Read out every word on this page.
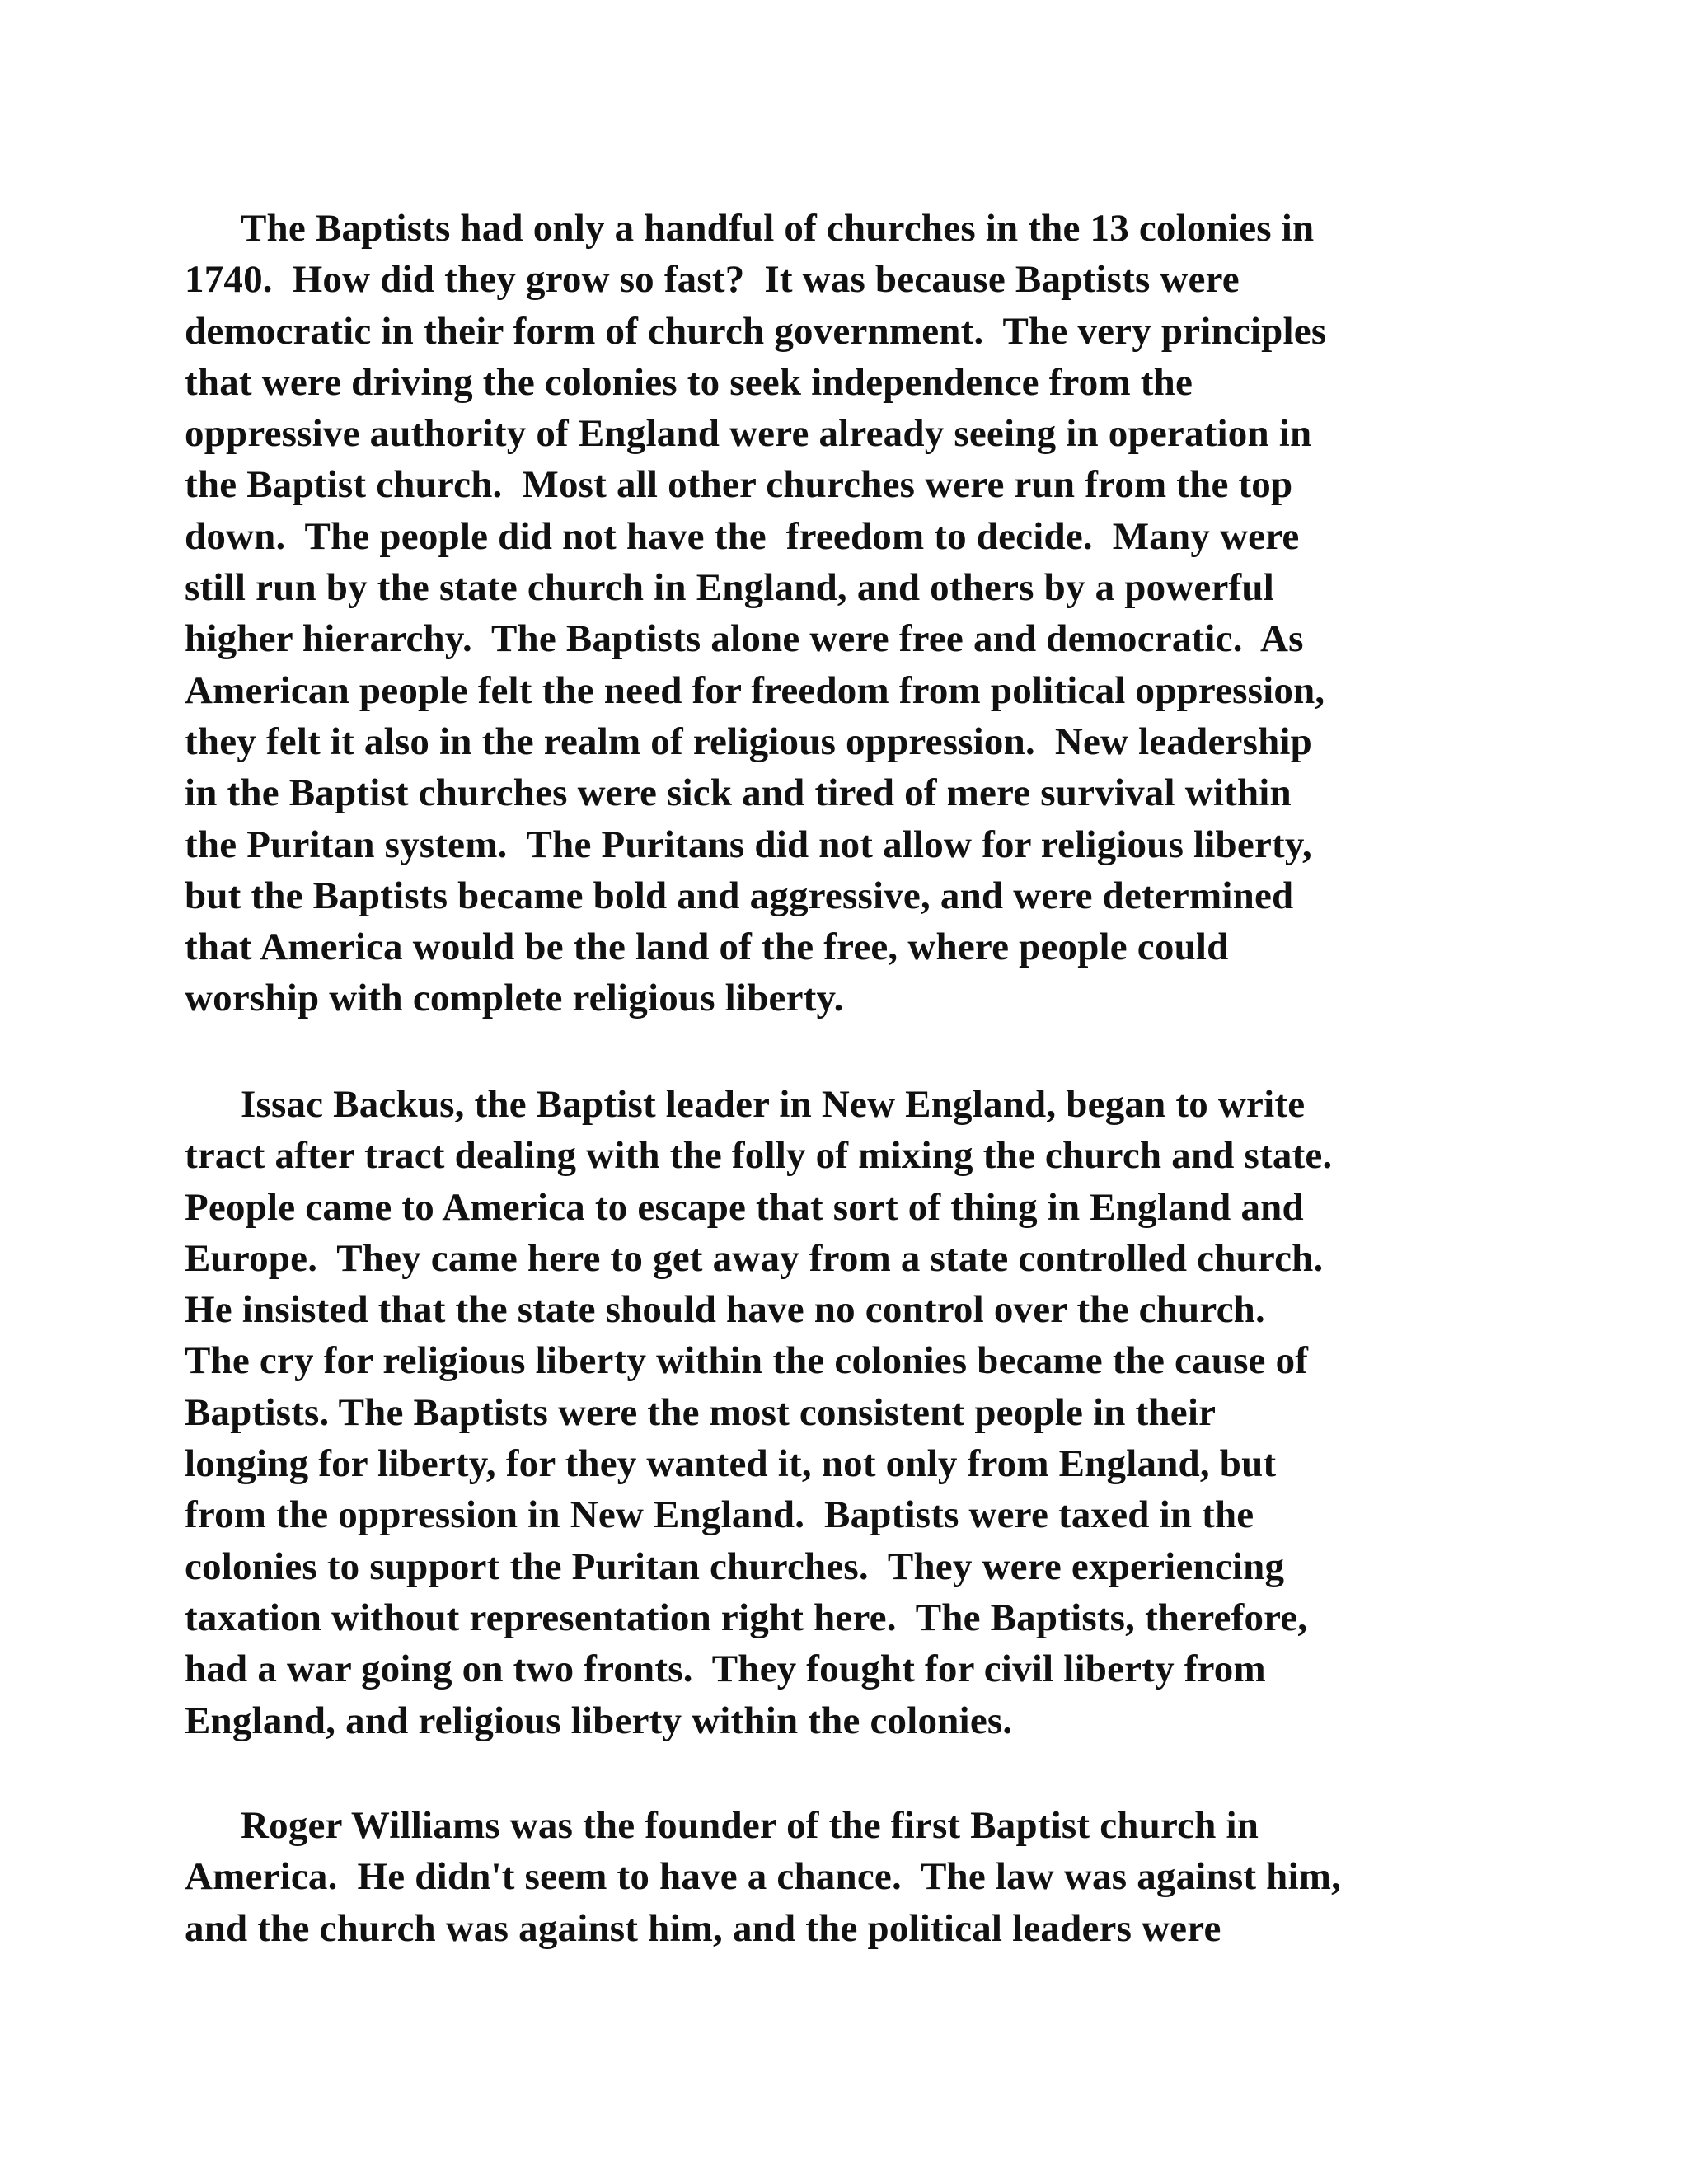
The Baptists had only a handful of churches in the 13 colonies in
1740.  How did they grow so fast?  It was because Baptists were
democratic in their form of church government.  The very principles
that were driving the colonies to seek independence from the
oppressive authority of England were already seeing in operation in
the Baptist church.  Most all other churches were run from the top
down.  The people did not have the  freedom to decide.  Many were
still run by the state church in England, and others by a powerful
higher hierarchy.  The Baptists alone were free and democratic.  As
American people felt the need for freedom from political oppression,
they felt it also in the realm of religious oppression.  New leadership
in the Baptist churches were sick and tired of mere survival within
the Puritan system.  The Puritans did not allow for religious liberty,
but the Baptists became bold and aggressive, and were determined
that America would be the land of the free, where people could
worship with complete religious liberty.
Issac Backus, the Baptist leader in New England, began to write
tract after tract dealing with the folly of mixing the church and state.
People came to America to escape that sort of thing in England and
Europe.  They came here to get away from a state controlled church.
He insisted that the state should have no control over the church.
The cry for religious liberty within the colonies became the cause of
Baptists. The Baptists were the most consistent people in their
longing for liberty, for they wanted it, not only from England, but
from the oppression in New England.  Baptists were taxed in the
colonies to support the Puritan churches.  They were experiencing
taxation without representation right here.  The Baptists, therefore,
had a war going on two fronts.  They fought for civil liberty from
England, and religious liberty within the colonies.
Roger Williams was the founder of the first Baptist church in
America.  He didn't seem to have a chance.  The law was against him,
and the church was against him, and the political leaders were
